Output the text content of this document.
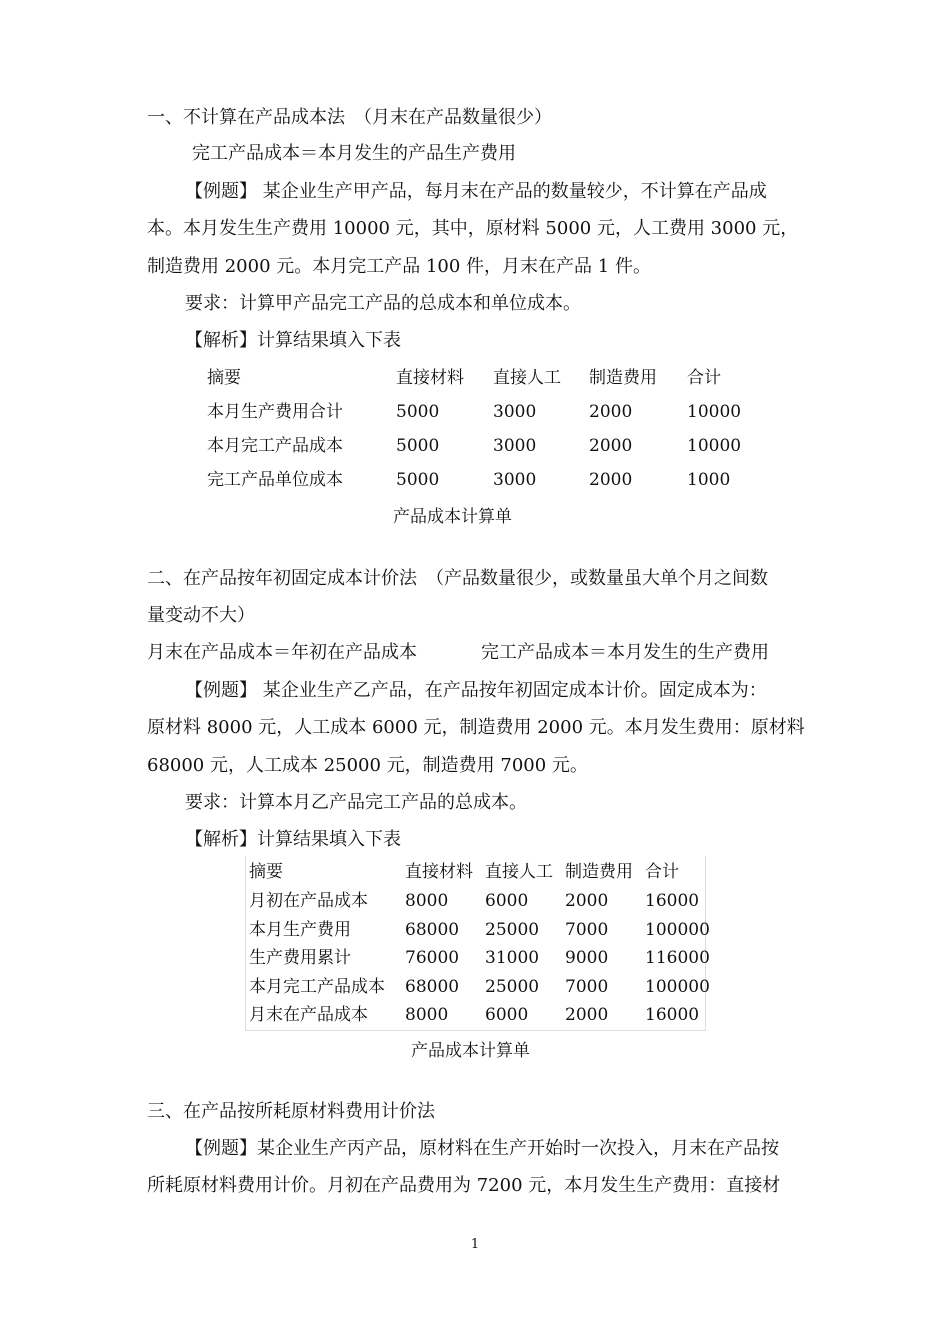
一、不计算在产品成本法　（月末在产品数量很少）
完工产品成本＝本月发生的产品生产费用
【例题】 某企业生产甲产品，每月末在产品的数量较少，不计算在产品成
本。本月发生生产费用 10000 元，其中，原材料 5000 元，人工费用 3000 元，
制造费用 2000 元。本月完工产品 100 件，月末在产品 1 件。
要求：计算甲产品完工产品的总成本和单位成本。
【解析】计算结果填入下表
摘要	直接材料 直接人工 制造费用 合计
本月生产费用合计	5000	3000	2000	10000
本月完工产品成本	5000	3000	2000	10000
完工产品单位成本	5000	3000	2000	1000
产品成本计算单
二、在产品按年初固定成本计价法　（产品数量很少，或数量虽大单个月之间数
量变动不大）
月末在产品成本＝年初在产品成本	完工产品成本＝本月发生的生产费用
【例题】 某企业生产乙产品，在产品按年初固定成本计价。固定成本为：
原材料 8000 元，人工成本 6000 元，制造费用 2000 元。本月发生费用：原材料
68000 元，人工成本 25000 元，制造费用 7000 元。
要求：计算本月乙产品完工产品的总成本。
【解析】计算结果填入下表
摘要	直接材料 直接人工 制造费用 合计
月初在产品成本 8000 6000 2000 16000
本月生产费用	68000 25000 7000 100000
生产费用累计	76000 31000 9000 116000
本月完工产品成本 68000 25000 7000 100000
月末在产品成本 8000 6000 2000 16000
产品成本计算单
三、在产品按所耗原材料费用计价法
【例题】某企业生产丙产品，原材料在生产开始时一次投入，月末在产品按
所耗原材料费用计价。月初在产品费用为 7200 元，本月发生生产费用：直接材
1
